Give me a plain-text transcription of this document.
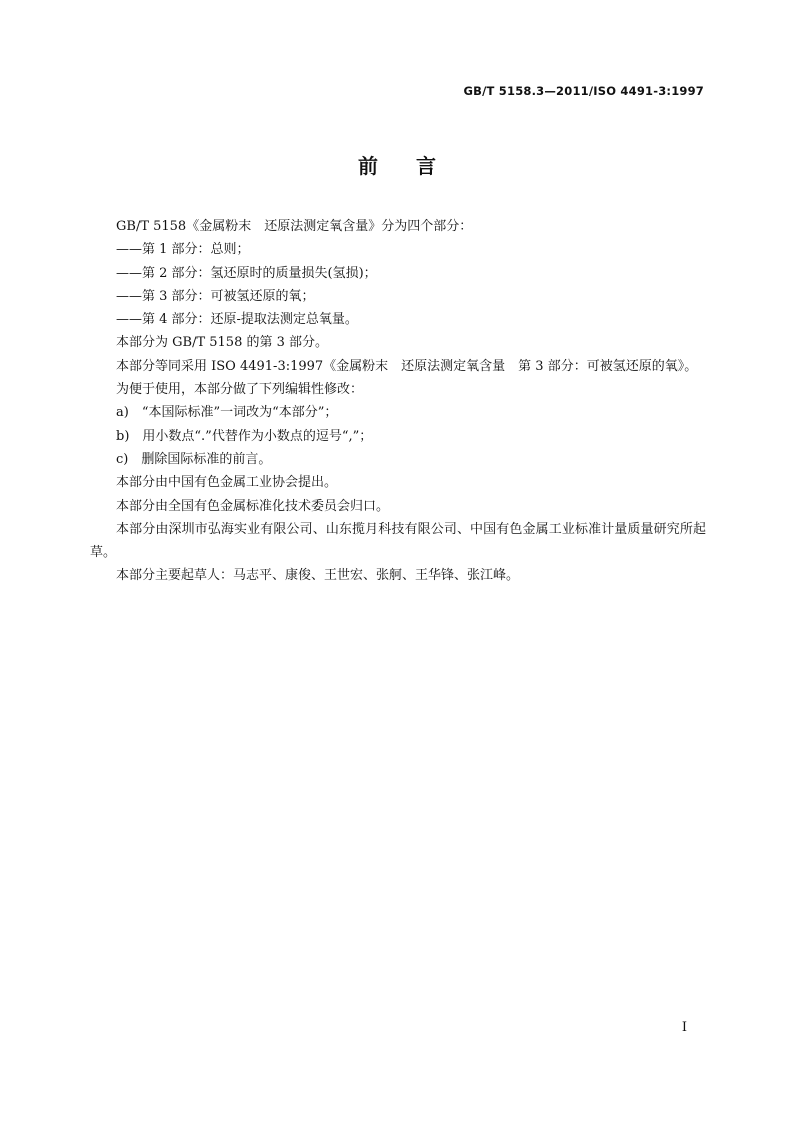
GB/T 5158.3—2011/ISO 4491-3:1997
前言

GB/T 5158《金属粉末　还原法测定氧含量》分为四个部分：

——第 1 部分：总则；

——第 2 部分：氢还原时的质量损失(氢损)；

——第 3 部分：可被氢还原的氧；

——第 4 部分：还原-提取法测定总氧量。

本部分为 GB/T 5158 的第 3 部分。

本部分等同采用 ISO 4491-3:1997《金属粉末　还原法测定氧含量　第 3 部分：可被氢还原的氧》。

为便于使用，本部分做了下列编辑性修改：

a)　“本国际标准”一词改为“本部分”；

b)　用小数点“.”代替作为小数点的逗号“,”；

c)　删除国际标准的前言。

本部分由中国有色金属工业协会提出。

本部分由全国有色金属标准化技术委员会归口。

本部分由深圳市弘海实业有限公司、山东揽月科技有限公司、中国有色金属工业标准计量质量研究所起草。

本部分主要起草人：马志平、康俊、王世宏、张舸、王华锋、张江峰。

I
